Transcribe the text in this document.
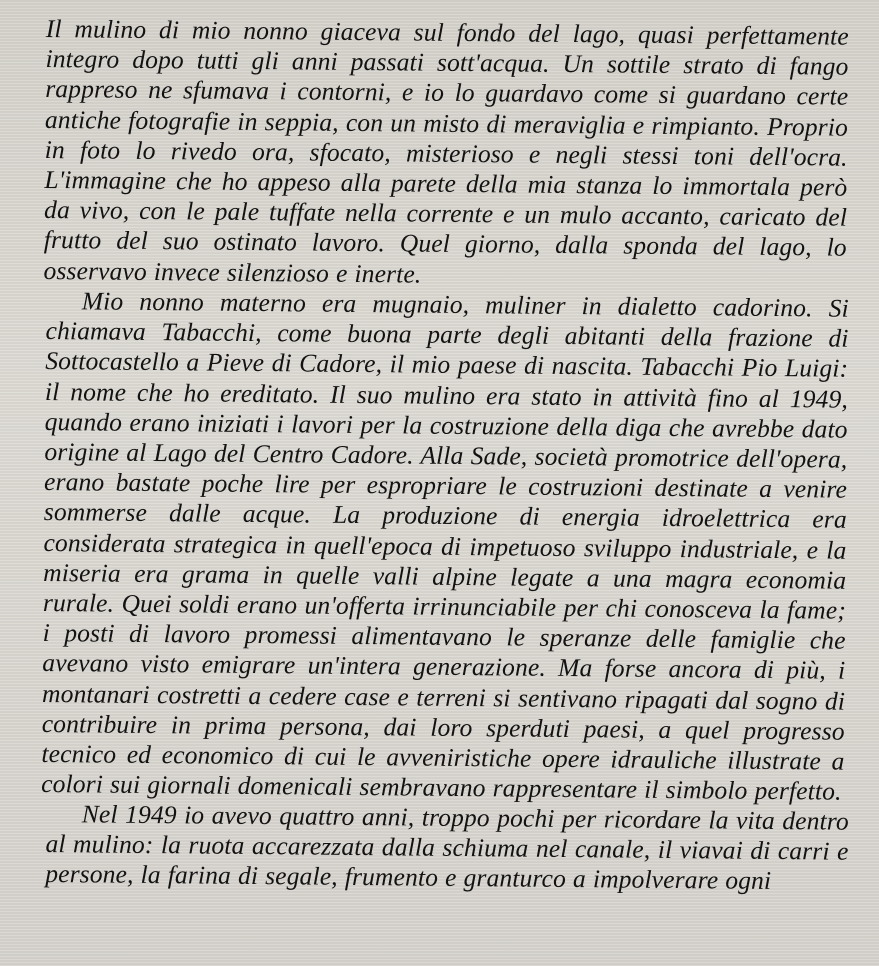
Il mulino di mio nonno giaceva sul fondo del lago, quasi perfettamente integro dopo tutti gli anni passati sott'acqua. Un sottile strato di fango rappreso ne sfumava i contorni, e io lo guardavo come si guardano certe antiche fotografie in seppia, con un misto di meraviglia e rimpianto. Proprio in foto lo rivedo ora, sfocato, misterioso e negli stessi toni dell'ocra. L'immagine che ho appeso alla parete della mia stanza lo immortala però da vivo, con le pale tuffate nella corrente e un mulo accanto, caricato del frutto del suo ostinato lavoro. Quel giorno, dalla sponda del lago, lo osservavo invece silenzioso e inerte.

Mio nonno materno era mugnaio, muliner in dialetto cadorino. Si chiamava Tabacchi, come buona parte degli abitanti della frazione di Sottocastello a Pieve di Cadore, il mio paese di nascita. Tabacchi Pio Luigi: il nome che ho ereditato. Il suo mulino era stato in attività fino al 1949, quando erano iniziati i lavori per la costruzione della diga che avrebbe dato origine al Lago del Centro Cadore. Alla Sade, società promotrice dell'opera, erano bastate poche lire per espropriare le costruzioni destinate a venire sommerse dalle acque. La produzione di energia idroelettrica era considerata strategica in quell'epoca di impetuoso sviluppo industriale, e la miseria era grama in quelle valli alpine legate a una magra economia rurale. Quei soldi erano un'offerta irrinunciabile per chi conosceva la fame; i posti di lavoro promessi alimentavano le speranze delle famiglie che avevano visto emigrare un'intera generazione. Ma forse ancora di più, i montanari costretti a cedere case e terreni si sentivano ripagati dal sogno di contribuire in prima persona, dai loro sperduti paesi, a quel progresso tecnico ed economico di cui le avveniristiche opere idrauliche illustrate a colori sui giornali domenicali sembravano rappresentare il simbolo perfetto.

Nel 1949 io avevo quattro anni, troppo pochi per ricordare la vita dentro al mulino: la ruota accarezzata dalla schiuma nel canale, il viavai di carri e persone, la farina di segale, frumento e granturco a impolverare ogni
